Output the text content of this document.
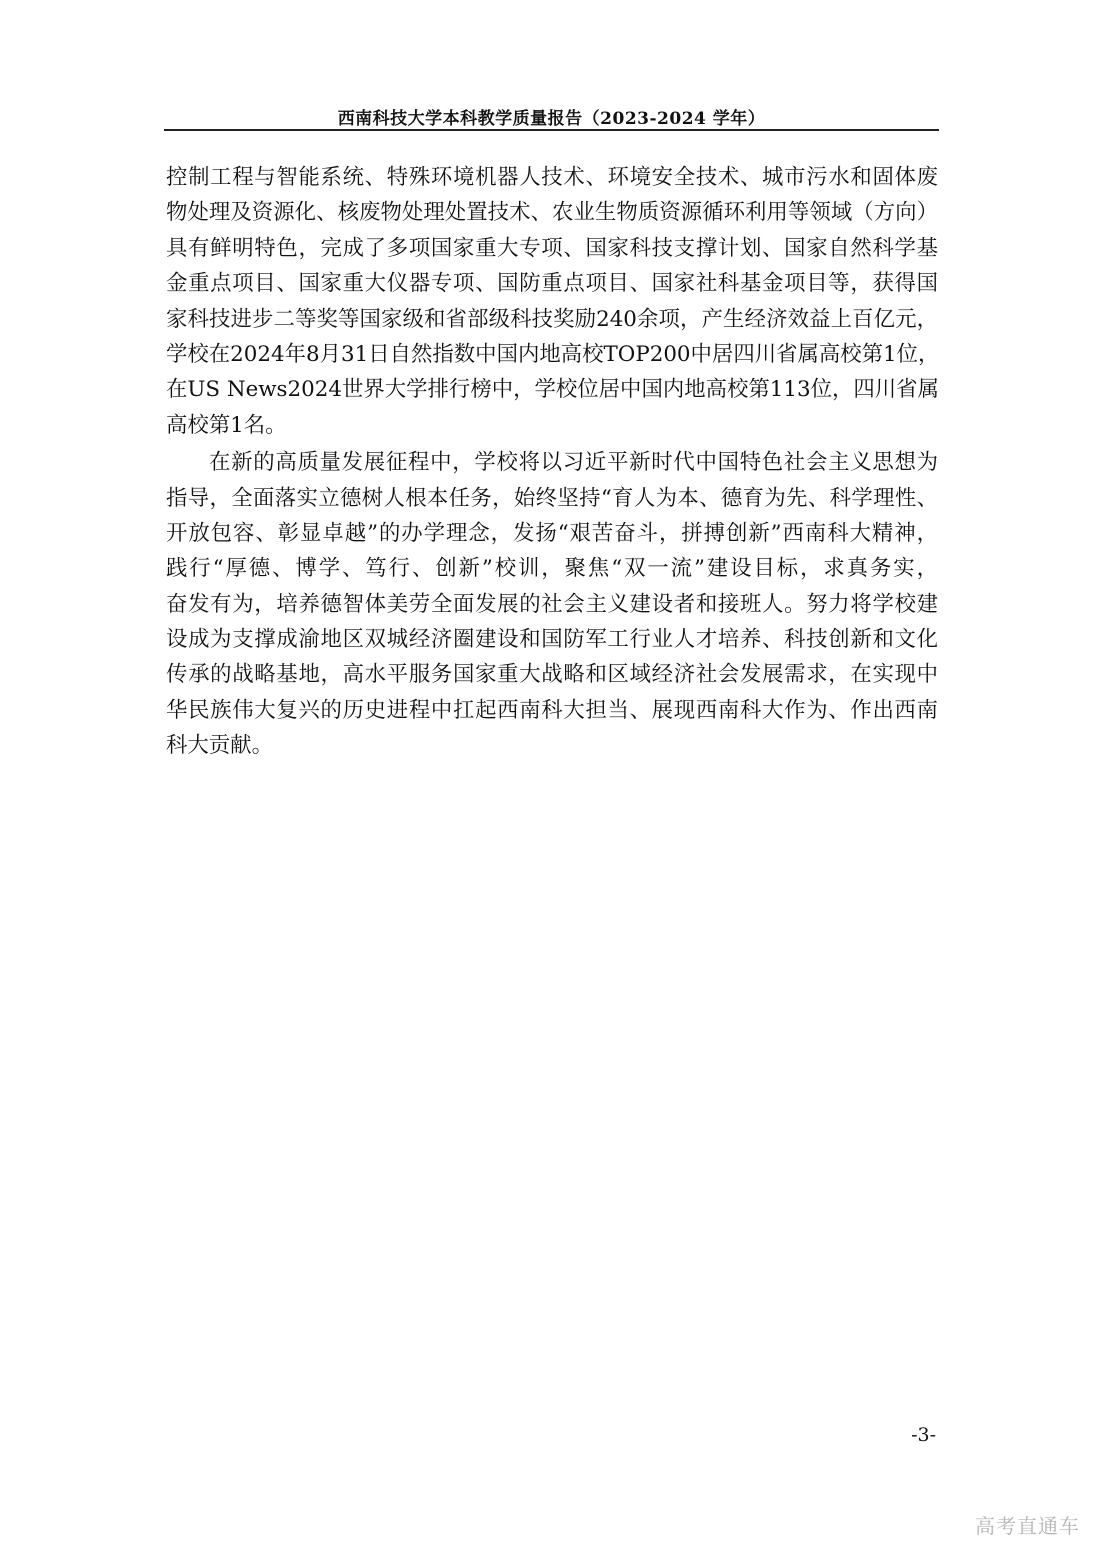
西南科技大学本科教学质量报告（2023-2024 学年）
控制工程与智能系统、特殊环境机器人技术、环境安全技术、城市污水和固体废
物处理及资源化、核废物处理处置技术、农业生物质资源循环利用等领域（方向）
具有鲜明特色，完成了多项国家重大专项、国家科技支撑计划、国家自然科学基
金重点项目、国家重大仪器专项、国防重点项目、国家社科基金项目等，获得国
家科技进步二等奖等国家级和省部级科技奖励240余项，产生经济效益上百亿元，
学校在2024年8月31日自然指数中国内地高校TOP200中居四川省属高校第1位，
在US News2024世界大学排行榜中，学校位居中国内地高校第113位，四川省属
高校第1名。
在新的高质量发展征程中，学校将以习近平新时代中国特色社会主义思想为
指导，全面落实立德树人根本任务，始终坚持“育人为本、德育为先、科学理性、
开放包容、彰显卓越”的办学理念，发扬“艰苦奋斗，拼搏创新”西南科大精神，
践行“厚德、博学、笃行、创新”校训，聚焦“双一流”建设目标，求真务实，
奋发有为，培养德智体美劳全面发展的社会主义建设者和接班人。努力将学校建
设成为支撑成渝地区双城经济圈建设和国防军工行业人才培养、科技创新和文化
传承的战略基地，高水平服务国家重大战略和区域经济社会发展需求，在实现中
华民族伟大复兴的历史进程中扛起西南科大担当、展现西南科大作为、作出西南
科大贡献。
-3-
高考直通车
